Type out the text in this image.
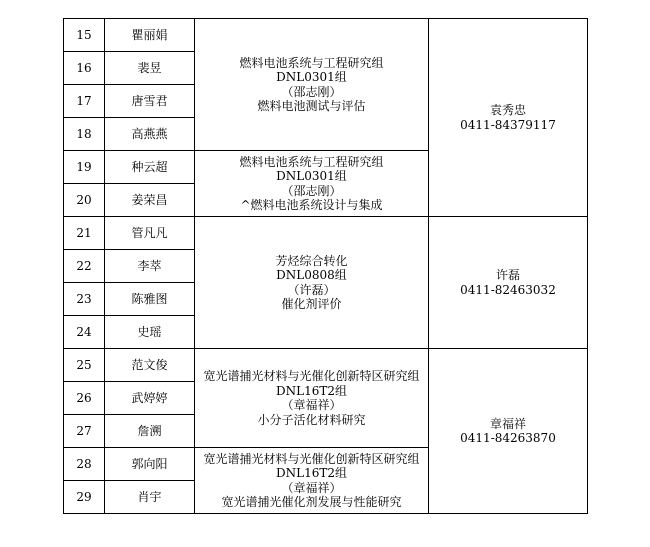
15	瞿丽娟	燃料电池系统与工程研究组
DNL0301组
（邵志刚）
燃料电池测试与评估	袁秀忠
0411-84379117

16	裴昱		
17	唐雪君		
18	高燕燕		
19	种云超	燃料电池系统与工程研究组
DNL0301组
（邵志刚）
^燃料电池系统设计与集成	

20	姜荣昌		
21	管凡凡	芳烃综合转化
DNL0808组
（许磊）
催化剂评价	许磊
0411-82463032

22	李萃		
23	陈雅图		
24	史瑶		
25	范文俊	宽光谱捕光材料与光催化创新特区研究组
DNL16T2组
（章福祥）
小分子活化材料研究	章福祥
0411-84263870

26	武婷婷		
27	詹溯		
28	郭向阳	宽光谱捕光材料与光催化创新特区研究组
DNL16T2组
（章福祥）
宽光谱捕光催化剂发展与性能研究	

29	肖宇		
